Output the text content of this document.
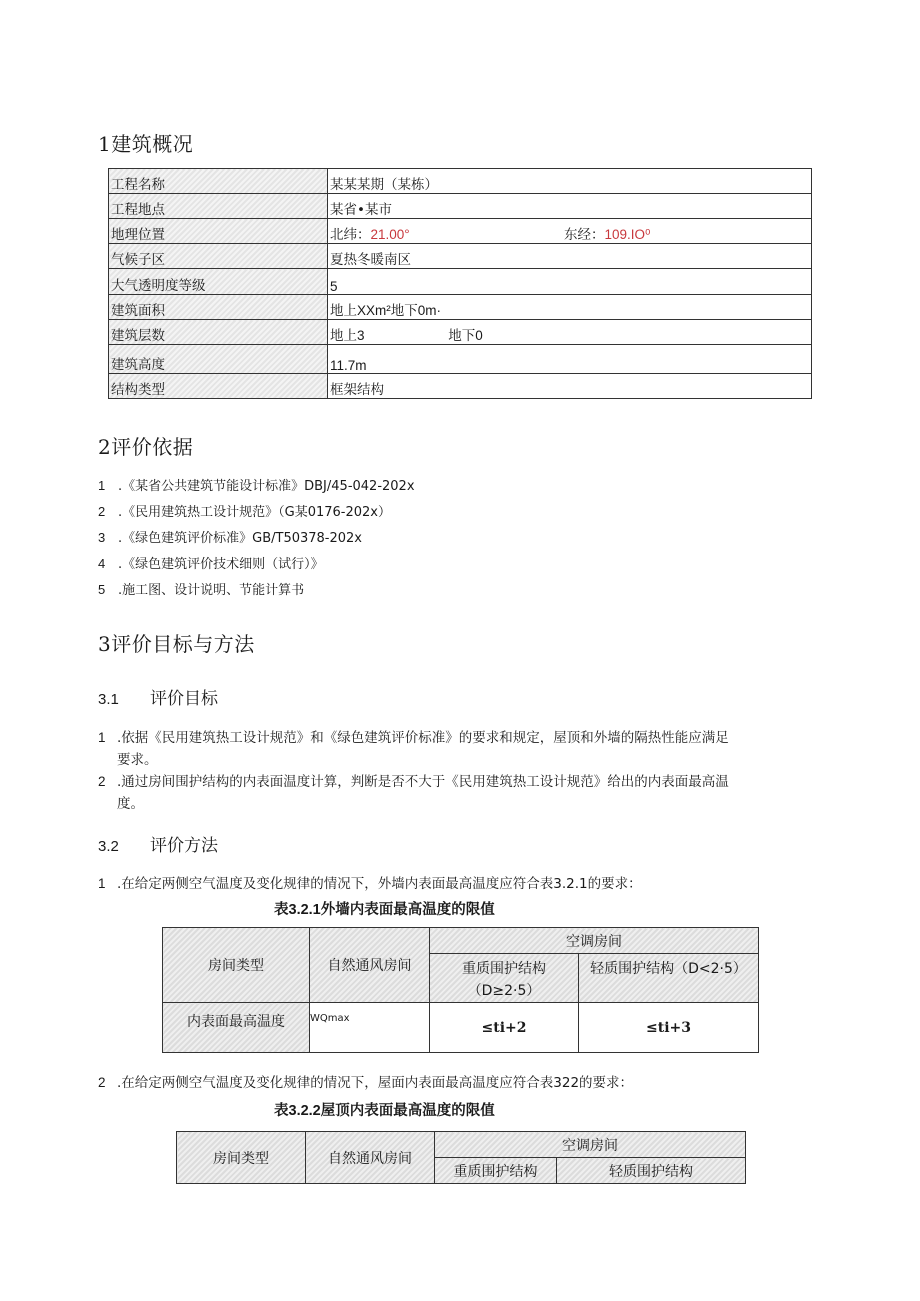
1建筑概况
工程名称	某某某期（某栋）
工程地点	某省•某市
地理位置	北纬：21.00° 东经：109.IO⁰
气候子区	夏热冬暖南区
大气透明度等级	5
建筑面积	地上XXm²地下0m·
建筑层数	地上3 地下0
建筑高度	11.7m
结构类型	框架结构
2评价依据
1 .《某省公共建筑节能设计标准》DBJ/45-042-202x
2 .《民用建筑热工设计规范》（G某0176-202x）
3 .《绿色建筑评价标准》GB/T50378-202x
4 .《绿色建筑评价技术细则（试行）》
5 .施工图、设计说明、节能计算书
3评价目标与方法
3.1 评价目标
1 .依据《民用建筑热工设计规范》和《绿色建筑评价标准》的要求和规定，屋顶和外墙的隔热性能应满足
要求。
2 .通过房间围护结构的内表面温度计算，判断是否不大于《民用建筑热工设计规范》给出的内表面最高温
度。
3.2 评价方法
1 .在给定两侧空气温度及变化规律的情况下，外墙内表面最高温度应符合表3.2.1的要求：
表3.2.1外墙内表面最高温度的限值
房间类型	自然通风房间	空调房间	
		重质围护结构（D≥2·5）	轻质围护结构（D<2·5）
内表面最高温度	WQmax	≤ti+2	≤ti+3
2 .在给定两侧空气温度及变化规律的情况下，屋面内表面最高温度应符合表322的要求：
表3.2.2屋顶内表面最高温度的限值
房间类型	自然通风房间	空调房间	
		重质围护结构	轻质围护结构
